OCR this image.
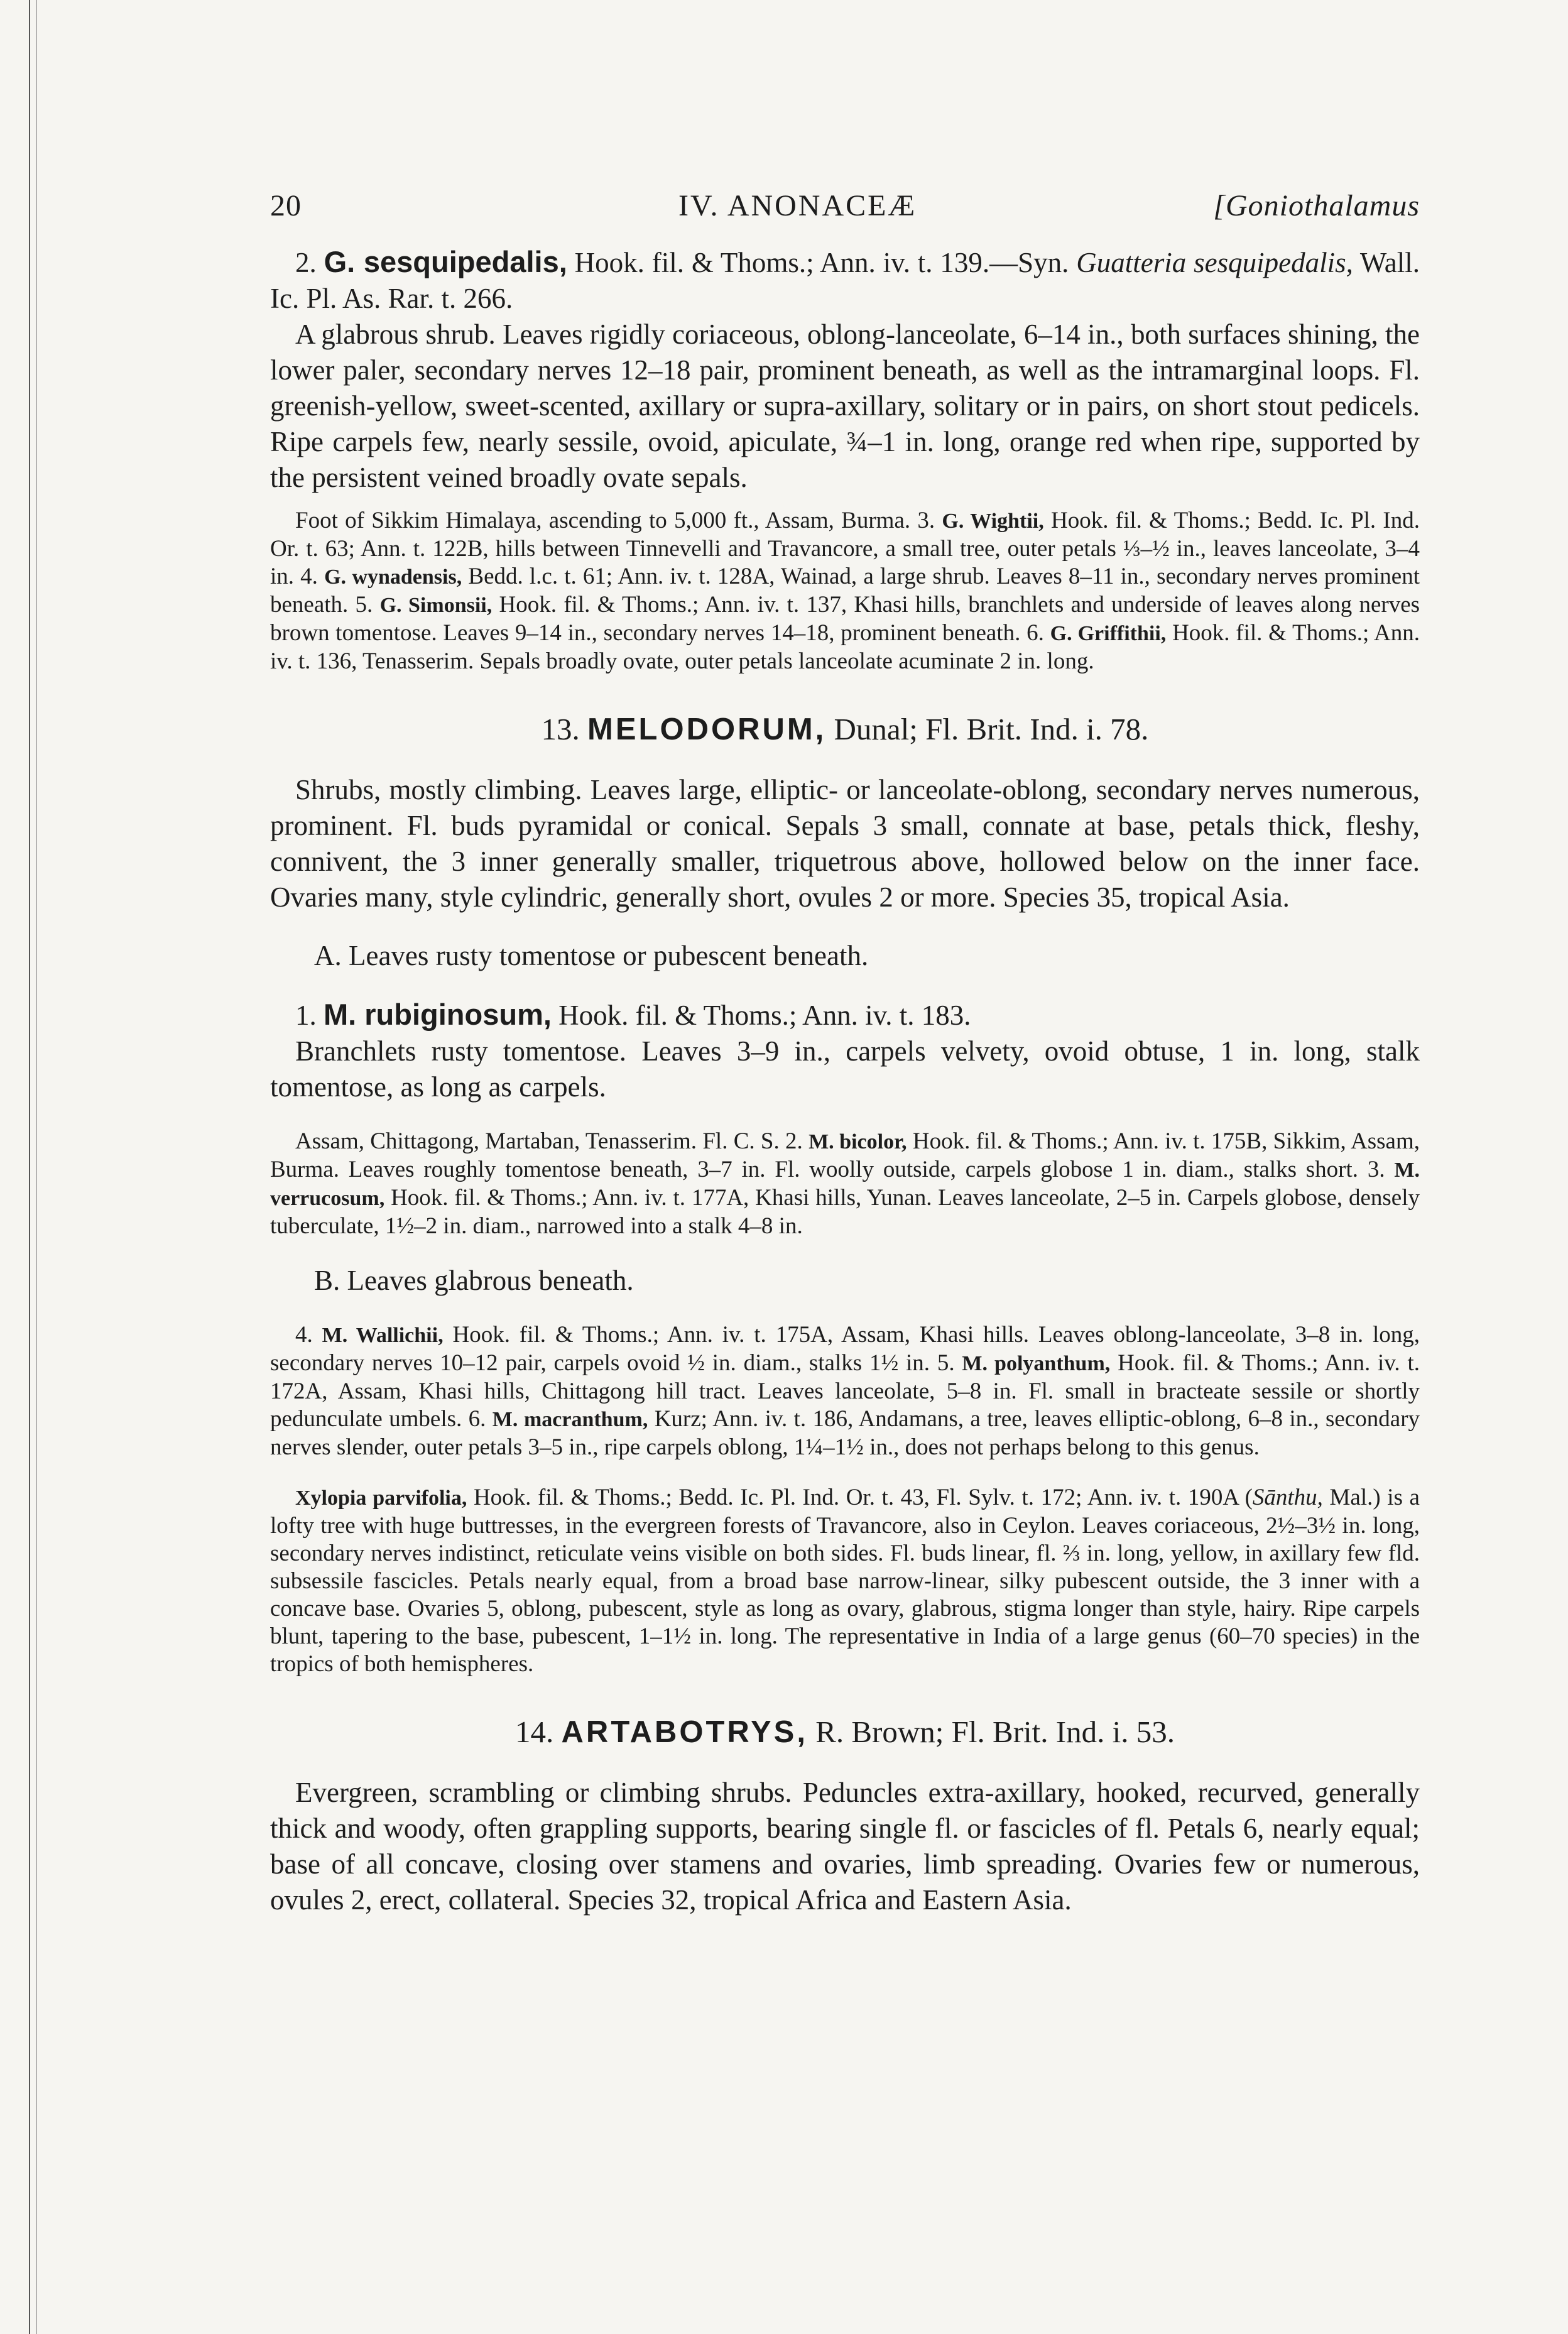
20	IV. ANONACEÆ	[Goniothalamus

2. G. sesquipedalis, Hook. fil. & Thoms.; Ann. iv. t. 139.—Syn. Guatteria sesquipedalis, Wall. Ic. Pl. As. Rar. t. 266.

A glabrous shrub. Leaves rigidly coriaceous, oblong-lanceolate, 6–14 in., both surfaces shining, the lower paler, secondary nerves 12–18 pair, prominent beneath, as well as the intramarginal loops. Fl. greenish-yellow, sweet-scented, axillary or supra-axillary, solitary or in pairs, on short stout pedicels. Ripe carpels few, nearly sessile, ovoid, apiculate, ¾–1 in. long, orange red when ripe, supported by the persistent veined broadly ovate sepals.

Foot of Sikkim Himalaya, ascending to 5,000 ft., Assam, Burma. 3. G. Wightii, Hook. fil. & Thoms.; Bedd. Ic. Pl. Ind. Or. t. 63; Ann. t. 122B, hills between Tinnevelli and Travancore, a small tree, outer petals ⅓–½ in., leaves lanceolate, 3–4 in. 4. G. wynadensis, Bedd. l.c. t. 61; Ann. iv. t. 128A, Wainad, a large shrub. Leaves 8–11 in., secondary nerves prominent beneath. 5. G. Simonsii, Hook. fil. & Thoms.; Ann. iv. t. 137, Khasi hills, branchlets and underside of leaves along nerves brown tomentose. Leaves 9–14 in., secondary nerves 14–18, prominent beneath. 6. G. Griffithii, Hook. fil. & Thoms.; Ann. iv. t. 136, Tenasserim. Sepals broadly ovate, outer petals lanceolate acuminate 2 in. long.

13. MELODORUM, Dunal; Fl. Brit. Ind. i. 78.

Shrubs, mostly climbing. Leaves large, elliptic- or lanceolate-oblong, secondary nerves numerous, prominent. Fl. buds pyramidal or conical. Sepals 3 small, connate at base, petals thick, fleshy, connivent, the 3 inner generally smaller, triquetrous above, hollowed below on the inner face. Ovaries many, style cylindric, generally short, ovules 2 or more. Species 35, tropical Asia.

A. Leaves rusty tomentose or pubescent beneath.

1. M. rubiginosum, Hook. fil. & Thoms.; Ann. iv. t. 183.

Branchlets rusty tomentose. Leaves 3–9 in., carpels velvety, ovoid obtuse, 1 in. long, stalk tomentose, as long as carpels.

Assam, Chittagong, Martaban, Tenasserim. Fl. C. S. 2. M. bicolor, Hook. fil. & Thoms.; Ann. iv. t. 175B, Sikkim, Assam, Burma. Leaves roughly tomentose beneath, 3–7 in. Fl. woolly outside, carpels globose 1 in. diam., stalks short. 3. M. verrucosum, Hook. fil. & Thoms.; Ann. iv. t. 177A, Khasi hills, Yunan. Leaves lanceolate, 2–5 in. Carpels globose, densely tuberculate, 1½–2 in. diam., narrowed into a stalk 4–8 in.

B. Leaves glabrous beneath.

4. M. Wallichii, Hook. fil. & Thoms.; Ann. iv. t. 175A, Assam, Khasi hills. Leaves oblong-lanceolate, 3–8 in. long, secondary nerves 10–12 pair, carpels ovoid ½ in. diam., stalks 1½ in. 5. M. polyanthum, Hook. fil. & Thoms.; Ann. iv. t. 172A, Assam, Khasi hills, Chittagong hill tract. Leaves lanceolate, 5–8 in. Fl. small in bracteate sessile or shortly pedunculate umbels. 6. M. macranthum, Kurz; Ann. iv. t. 186, Andamans, a tree, leaves elliptic-oblong, 6–8 in., secondary nerves slender, outer petals 3–5 in., ripe carpels oblong, 1¼–1½ in., does not perhaps belong to this genus.

Xylopia parvifolia, Hook. fil. & Thoms.; Bedd. Ic. Pl. Ind. Or. t. 43, Fl. Sylv. t. 172; Ann. iv. t. 190A (Sānthu, Mal.) is a lofty tree with huge buttresses, in the evergreen forests of Travancore, also in Ceylon. Leaves coriaceous, 2½–3½ in. long, secondary nerves indistinct, reticulate veins visible on both sides. Fl. buds linear, fl. ⅔ in. long, yellow, in axillary few fld. subsessile fascicles. Petals nearly equal, from a broad base narrow-linear, silky pubescent outside, the 3 inner with a concave base. Ovaries 5, oblong, pubescent, style as long as ovary, glabrous, stigma longer than style, hairy. Ripe carpels blunt, tapering to the base, pubescent, 1–1½ in. long. The representative in India of a large genus (60–70 species) in the tropics of both hemispheres.

14. ARTABOTRYS, R. Brown; Fl. Brit. Ind. i. 53.

Evergreen, scrambling or climbing shrubs. Peduncles extra-axillary, hooked, recurved, generally thick and woody, often grappling supports, bearing single fl. or fascicles of fl. Petals 6, nearly equal; base of all concave, closing over stamens and ovaries, limb spreading. Ovaries few or numerous, ovules 2, erect, collateral. Species 32, tropical Africa and Eastern Asia.
